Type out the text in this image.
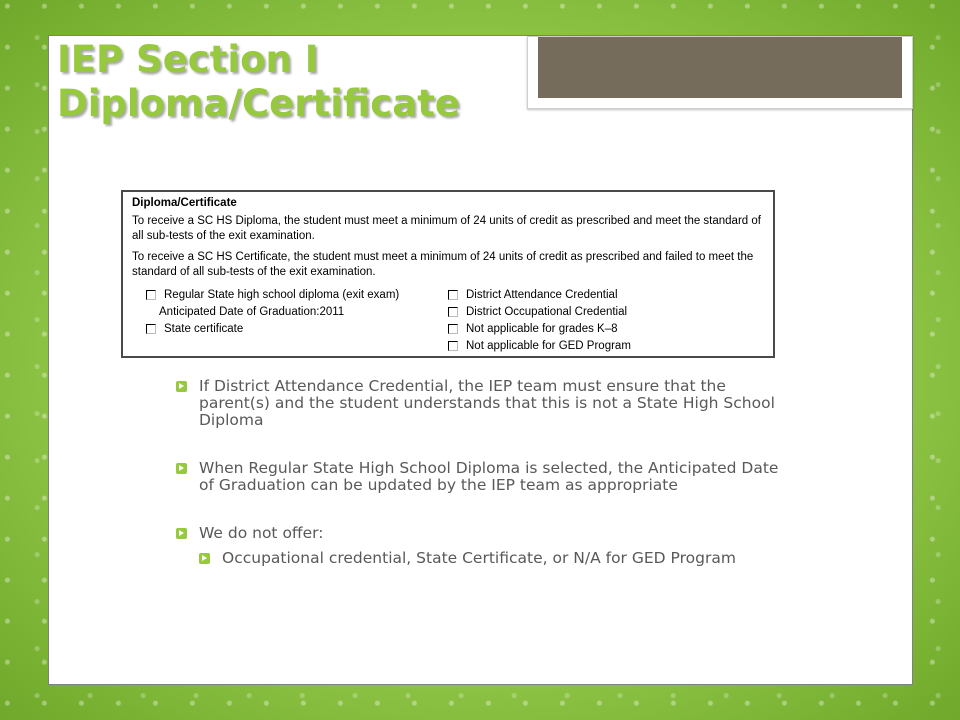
IEP Section I
Diploma/Certificate
Diploma/Certificate

To receive a SC HS Diploma, the student must meet a minimum of 24 units of credit as prescribed and meet the standard of all sub-tests of the exit examination.

To receive a SC HS Certificate, the student must meet a minimum of 24 units of credit as prescribed and failed to meet the standard of all sub-tests of the exit examination.

Regular State high school diploma (exit exam)
Anticipated Date of Graduation:2011
State certificate
District Attendance Credential
District Occupational Credential
Not applicable for grades K–8
Not applicable for GED Program
If District Attendance Credential, the IEP team must ensure that the parent(s) and the student understands that this is not a State High School Diploma
When Regular State High School Diploma is selected, the Anticipated Date of Graduation can be updated by the IEP team as appropriate
We do not offer:
Occupational credential, State Certificate, or N/A for GED Program
